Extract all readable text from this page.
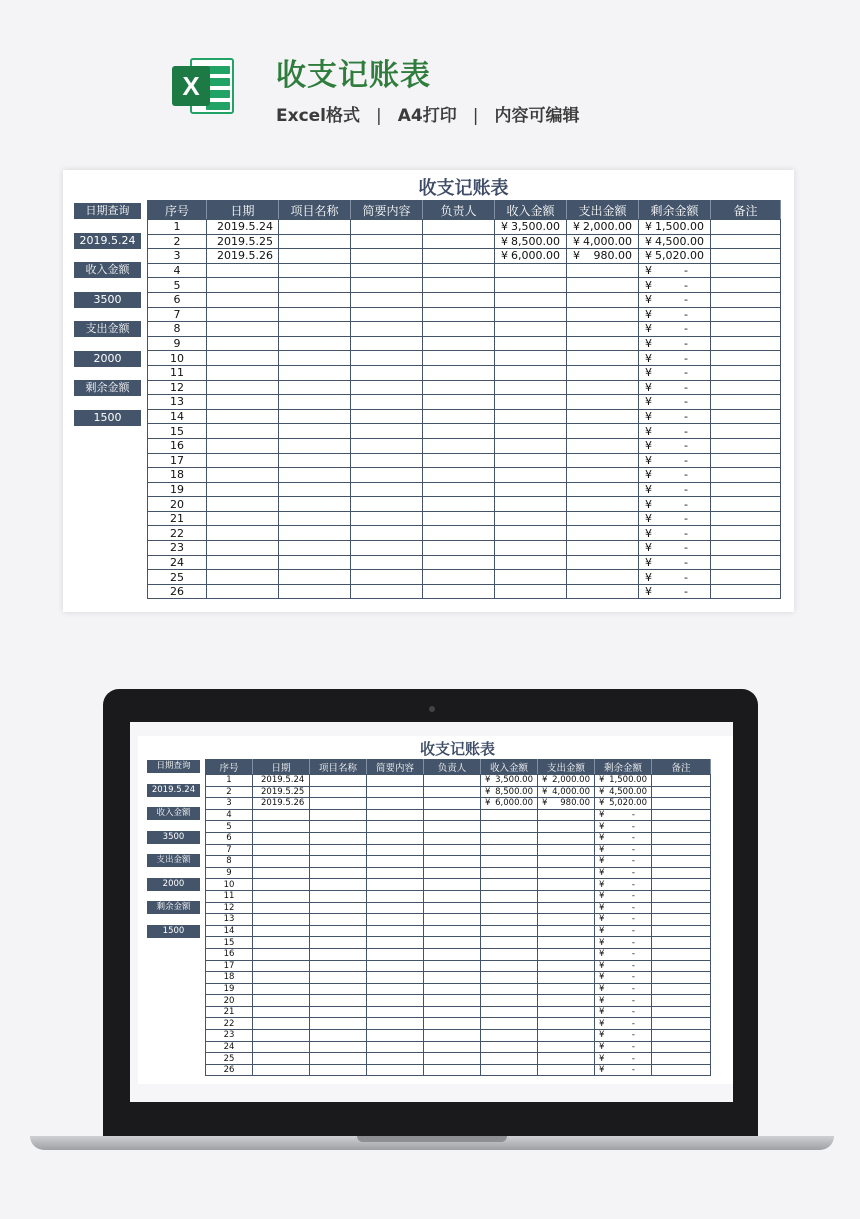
X	收支记账表
Excel格式 | A4打印 | 内容可编辑
收支记账表
日期查询
2019.5.24
收入金额
3500
支出金额
2000
剩余金额
1500
序号	日期	项目名称	简要内容	负责人	收入金额	支出金额	剩余金额	备注
1	2019.5.24				¥ 3,500.00	¥ 2,000.00	¥ 1,500.00	

2	2019.5.25				¥ 8,500.00	¥ 4,000.00	¥ 4,500.00	

3	2019.5.26				¥ 6,000.00	¥ 980.00	¥ 5,020.00	

4							¥ -	

5							¥ -	

6							¥ -	

7							¥ -	

8							¥ -	

9							¥ -	

10							¥ -	

11							¥ -	

12							¥ -	

13							¥ -	

14							¥ -	

15							¥ -	

16							¥ -	

17							¥ -	

18							¥ -	

19							¥ -	

20							¥ -	

21							¥ -	

22							¥ -	

23							¥ -	

24							¥ -	

25							¥ -	

26							¥ -	

收支记账表
日期查询
2019.5.24
收入金额
3500
支出金额
2000
剩余金额
1500
序号	日期	项目名称	简要内容	负责人	收入金额	支出金额	剩余金额	备注
1	2019.5.24				¥ 3,500.00	¥ 2,000.00	¥ 1,500.00	

2	2019.5.25				¥ 8,500.00	¥ 4,000.00	¥ 4,500.00	

3	2019.5.26				¥ 6,000.00	¥ 980.00	¥ 5,020.00	

4							¥ -	

5							¥ -	

6							¥ -	

7							¥ -	

8							¥ -	

9							¥ -	

10							¥ -	

11							¥ -	

12							¥ -	

13							¥ -	

14							¥ -	

15							¥ -	

16							¥ -	

17							¥ -	

18							¥ -	

19							¥ -	

20							¥ -	

21							¥ -	

22							¥ -	

23							¥ -	

24							¥ -	

25							¥ -	

26							¥ -	
